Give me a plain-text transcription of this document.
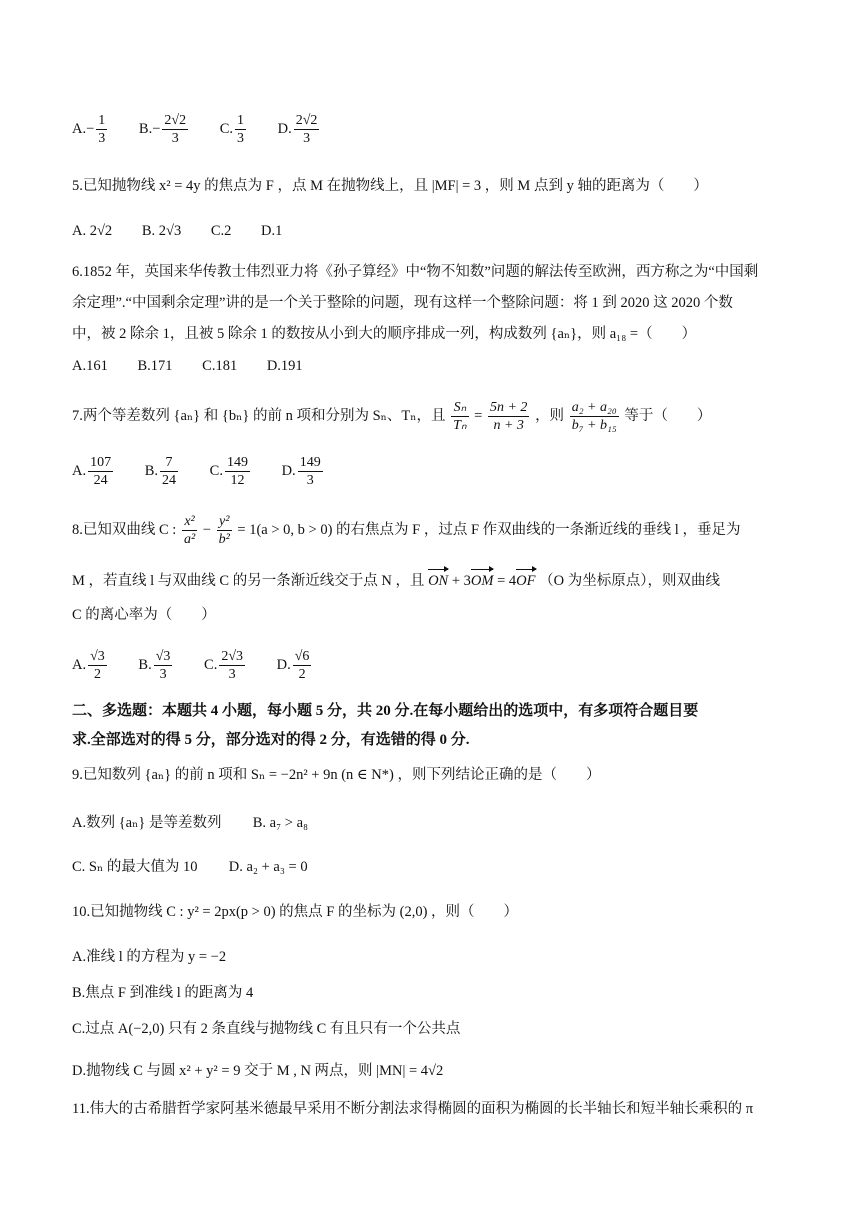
$A.- \frac{1}{3} B.- \frac{2√2}{3} C$. $\frac{1}{3} D$. $\frac{2√2}{3}$
5.已知抛物线 x² = 4y 的焦点为 F ，点 M 在抛物线上，且 |MF| = 3 ，则 M 点到 y 轴的距离为（　　）
A. 2√2 B. 2√3 C.2 D.1
6.1852 年，英国来华传教士伟烈亚力将《孙子算经》中“物不知数”问题的解法传至欧洲，西方称之为“中国剩
余定理”.“中国剩余定理”讲的是一个关于整除的问题，现有这样一个整除问题：将 1 到 2020 这 2020 个数
中，被 2 除余 1，且被 5 除余 1 的数按从小到大的顺序排成一列，构成数列 {aₙ}，则 a₁₈ =（　　）
A.161 B.171 C.181 D.191
7.两个等差数列 {aₙ} 和 {bₙ} 的前 n 项和分别为 Sₙ、Tₙ，且 $\frac{\text{Sₙ}}{\text{Tₙ}} = \frac{5n + 2}{n + 3}$ ，则 $\frac{\text{a₂ + a₂₀}}{\text{b₇ + b₁₅}}$ 等于（　　）
A. $\frac{107}{24} B$. $\frac{7}{24} C$. $\frac{149}{12} D$. $\frac{149}{3}$
8.已知双曲线 C : $\frac{\text{x²}}{\text{a²}} - \frac{\text{y²}}{\text{b²}} = 1(a > 0$, b > 0) 的右焦点为 F ，过点 F 作双曲线的一条渐近线的垂线 l ，垂足为
M ，若直线 l 与双曲线 C 的另一条渐近线交于点 N ，且 ON + 3OM = 4OF （O 为坐标原点），则双曲线
C 的离心率为（　　）
A. $\frac{√3}{2} B$. $\frac{√3}{3} C$. $\frac{2√3}{3} D$. $\frac{√6}{2}$
二、多选题：本题共 4 小题，每小题 5 分，共 20 分.在每小题给出的选项中，有多项符合题目要
求.全部选对的得 5 分，部分选对的得 2 分，有选错的得 0 分.
9.已知数列 {aₙ} 的前 n 项和 Sₙ = −2n² + 9n (n ∈ N*) ，则下列结论正确的是（　　）
A.数列 {aₙ} 是等差数列 B. a₇ > a₈
C. Sₙ 的最大值为 10 D. a₂ + a₃ = 0
10.已知抛物线 C : y² = 2px(p > 0) 的焦点 F 的坐标为 (2,0) ，则（　　）
A.准线 l 的方程为 y = −2
B.焦点 F 到准线 l 的距离为 4
C.过点 A(−2,0) 只有 2 条直线与抛物线 C 有且只有一个公共点
D.抛物线 C 与圆 x² + y² = 9 交于 M , N 两点，则 |MN| = 4√2
11.伟大的古希腊哲学家阿基米德最早采用不断分割法求得椭圆的面积为椭圆的长半轴长和短半轴长乘积的 π
